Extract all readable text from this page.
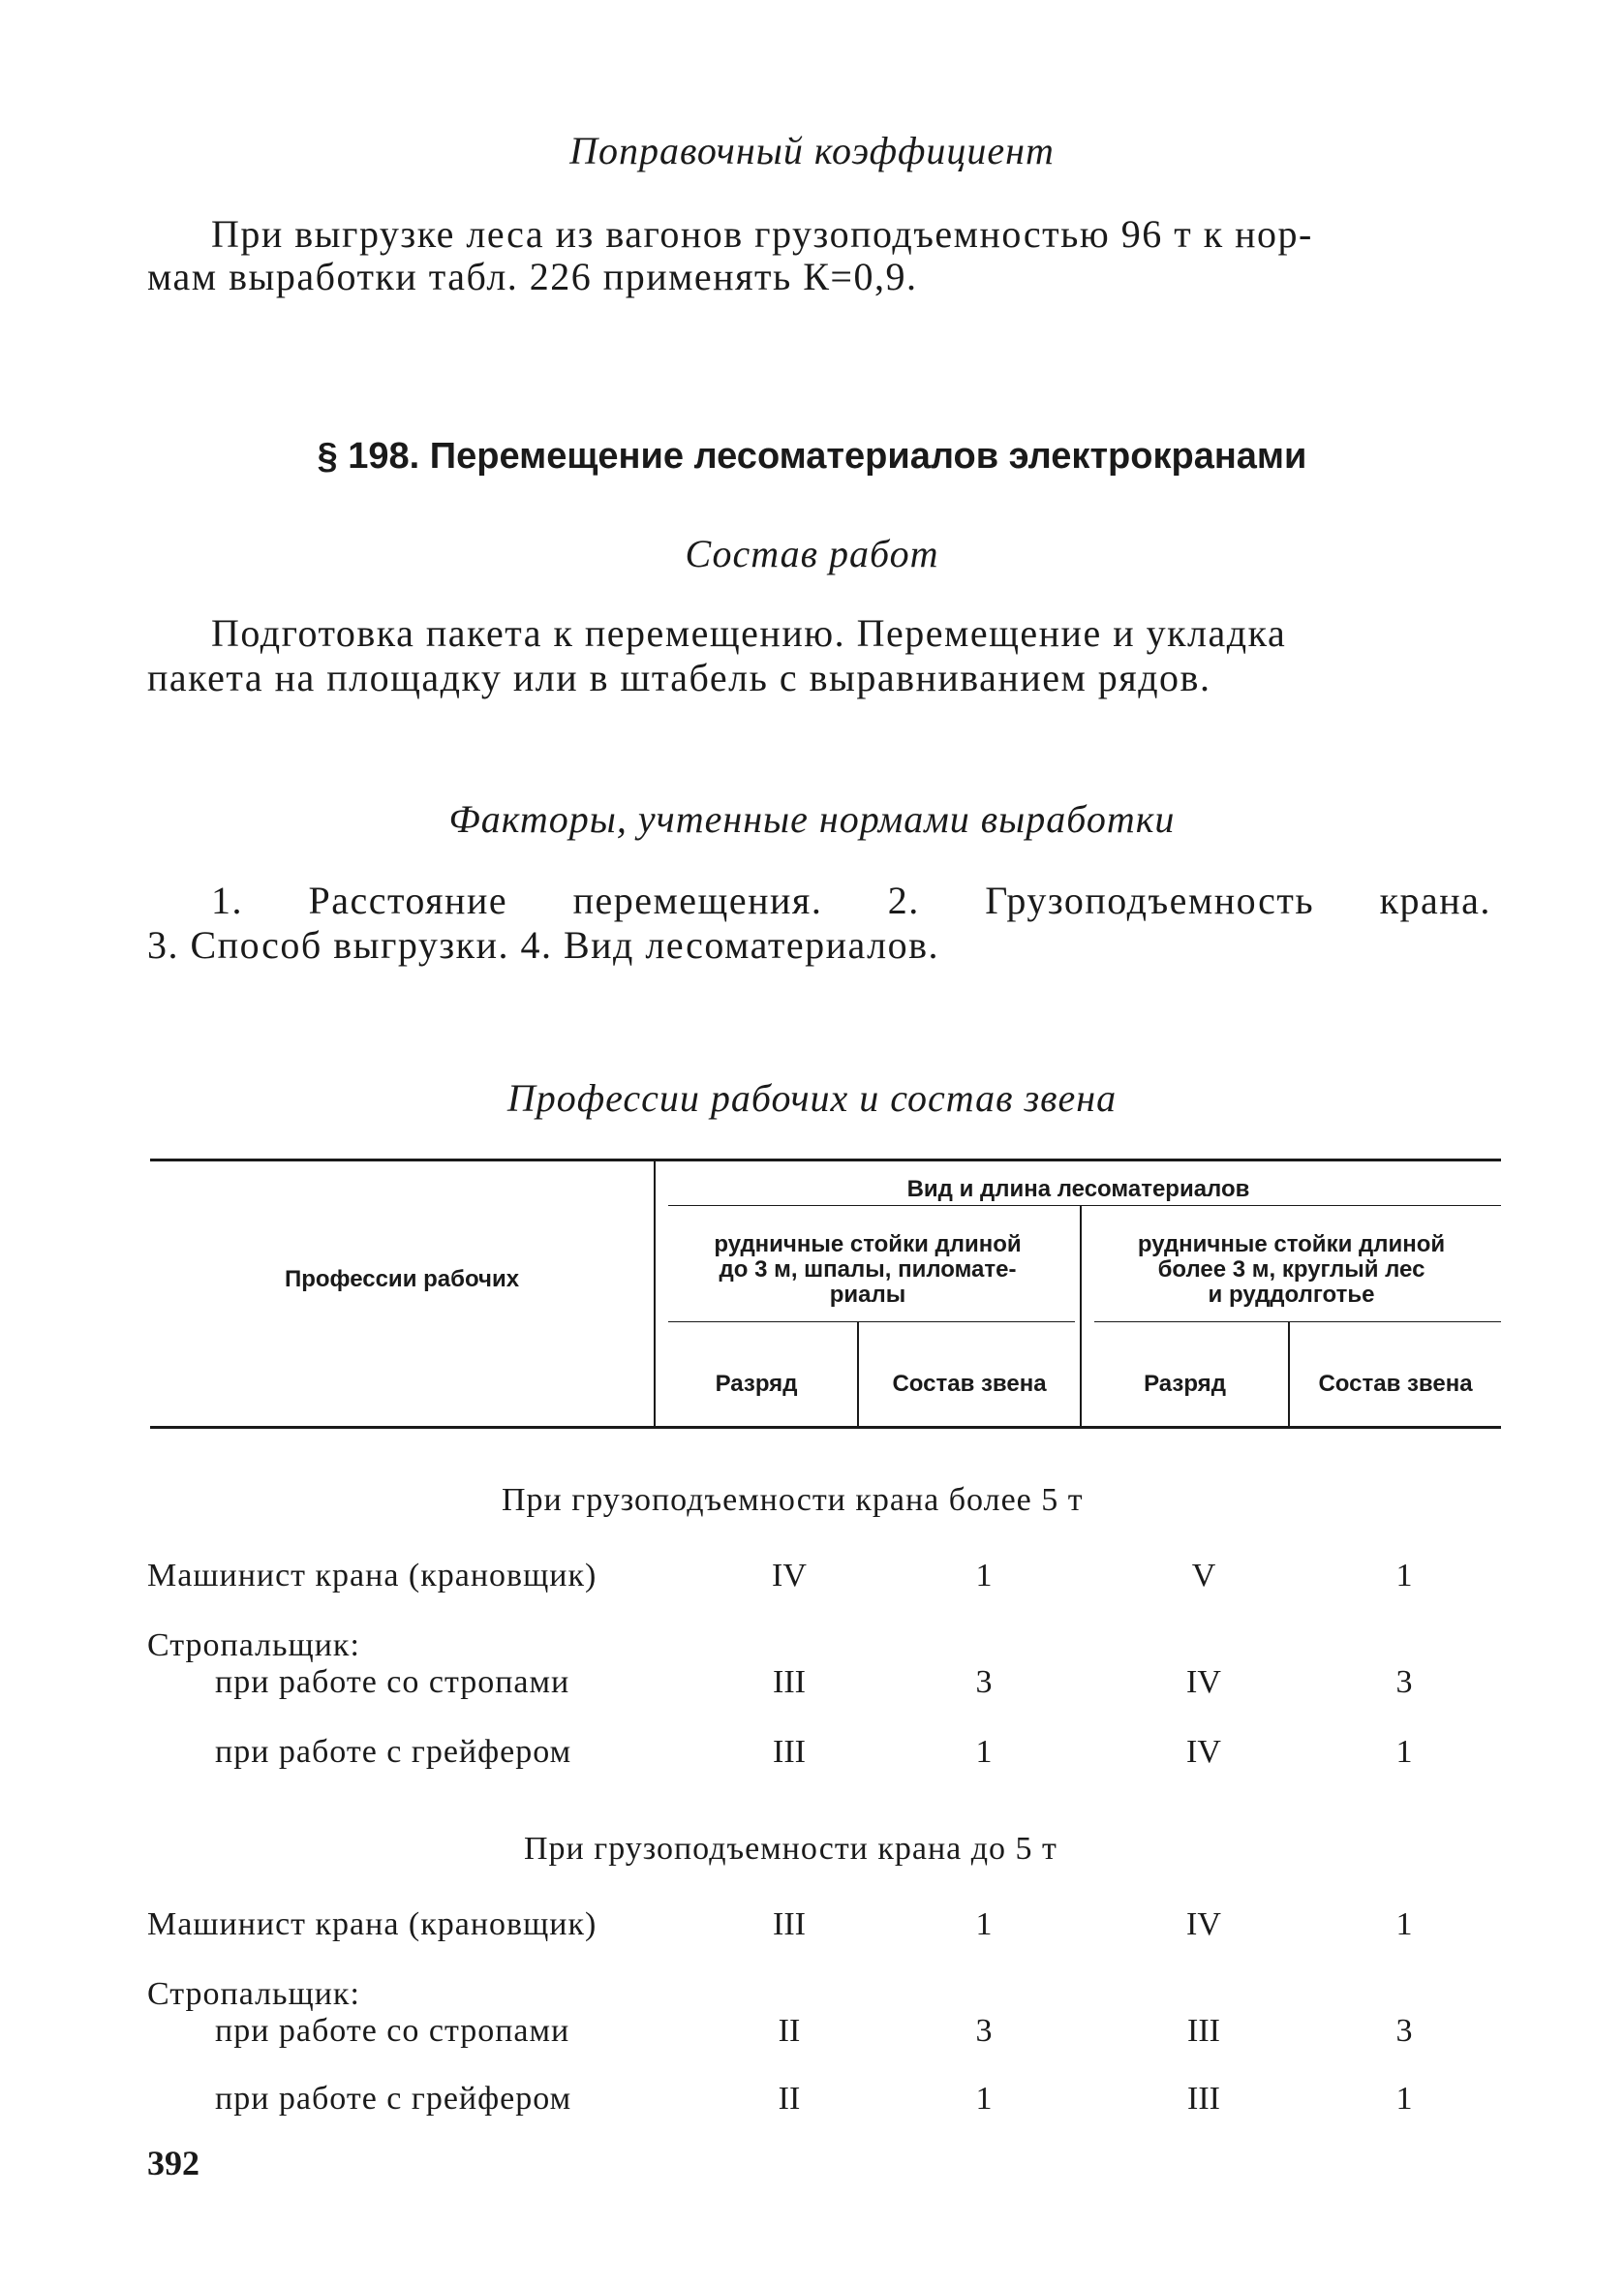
Поправочный коэффициент
При выгрузке леса из вагонов грузоподъемностью 96 т к нор-
мам выработки табл. 226 применять К=0,9.
§ 198. Перемещение лесоматериалов электрокранами
Состав работ
Подготовка пакета к перемещению. Перемещение и укладка
пакета на площадку или в штабель с выравниванием рядов.
Факторы, учтенные нормами выработки
1. Расстояние перемещения. 2. Грузоподъемность крана.
3. Способ выгрузки. 4. Вид лесоматериалов.
Профессии рабочих и состав звена
Профессии рабочих
Вид и длина лесоматериалов
рудничные стойки длиной
до 3 м, шпалы, пиломате-
риалы
рудничные стойки длиной
более 3 м, круглый лес
и руддолготье
Разряд	Состав звена	Разряд	Состав звена
При грузоподъемности крана более 5 т
Машинист крана (крановщик)	IV	1	V	1
Стропальщик:
при работе со стропами	III	3	IV	3
при работе с грейфером	III	1	IV	1
При грузоподъемности крана до 5 т
Машинист крана (крановщик)	III	1	IV	1
Стропальщик:
при работе со стропами	II	3	III	3
при работе с грейфером	II	1	III	1
392
